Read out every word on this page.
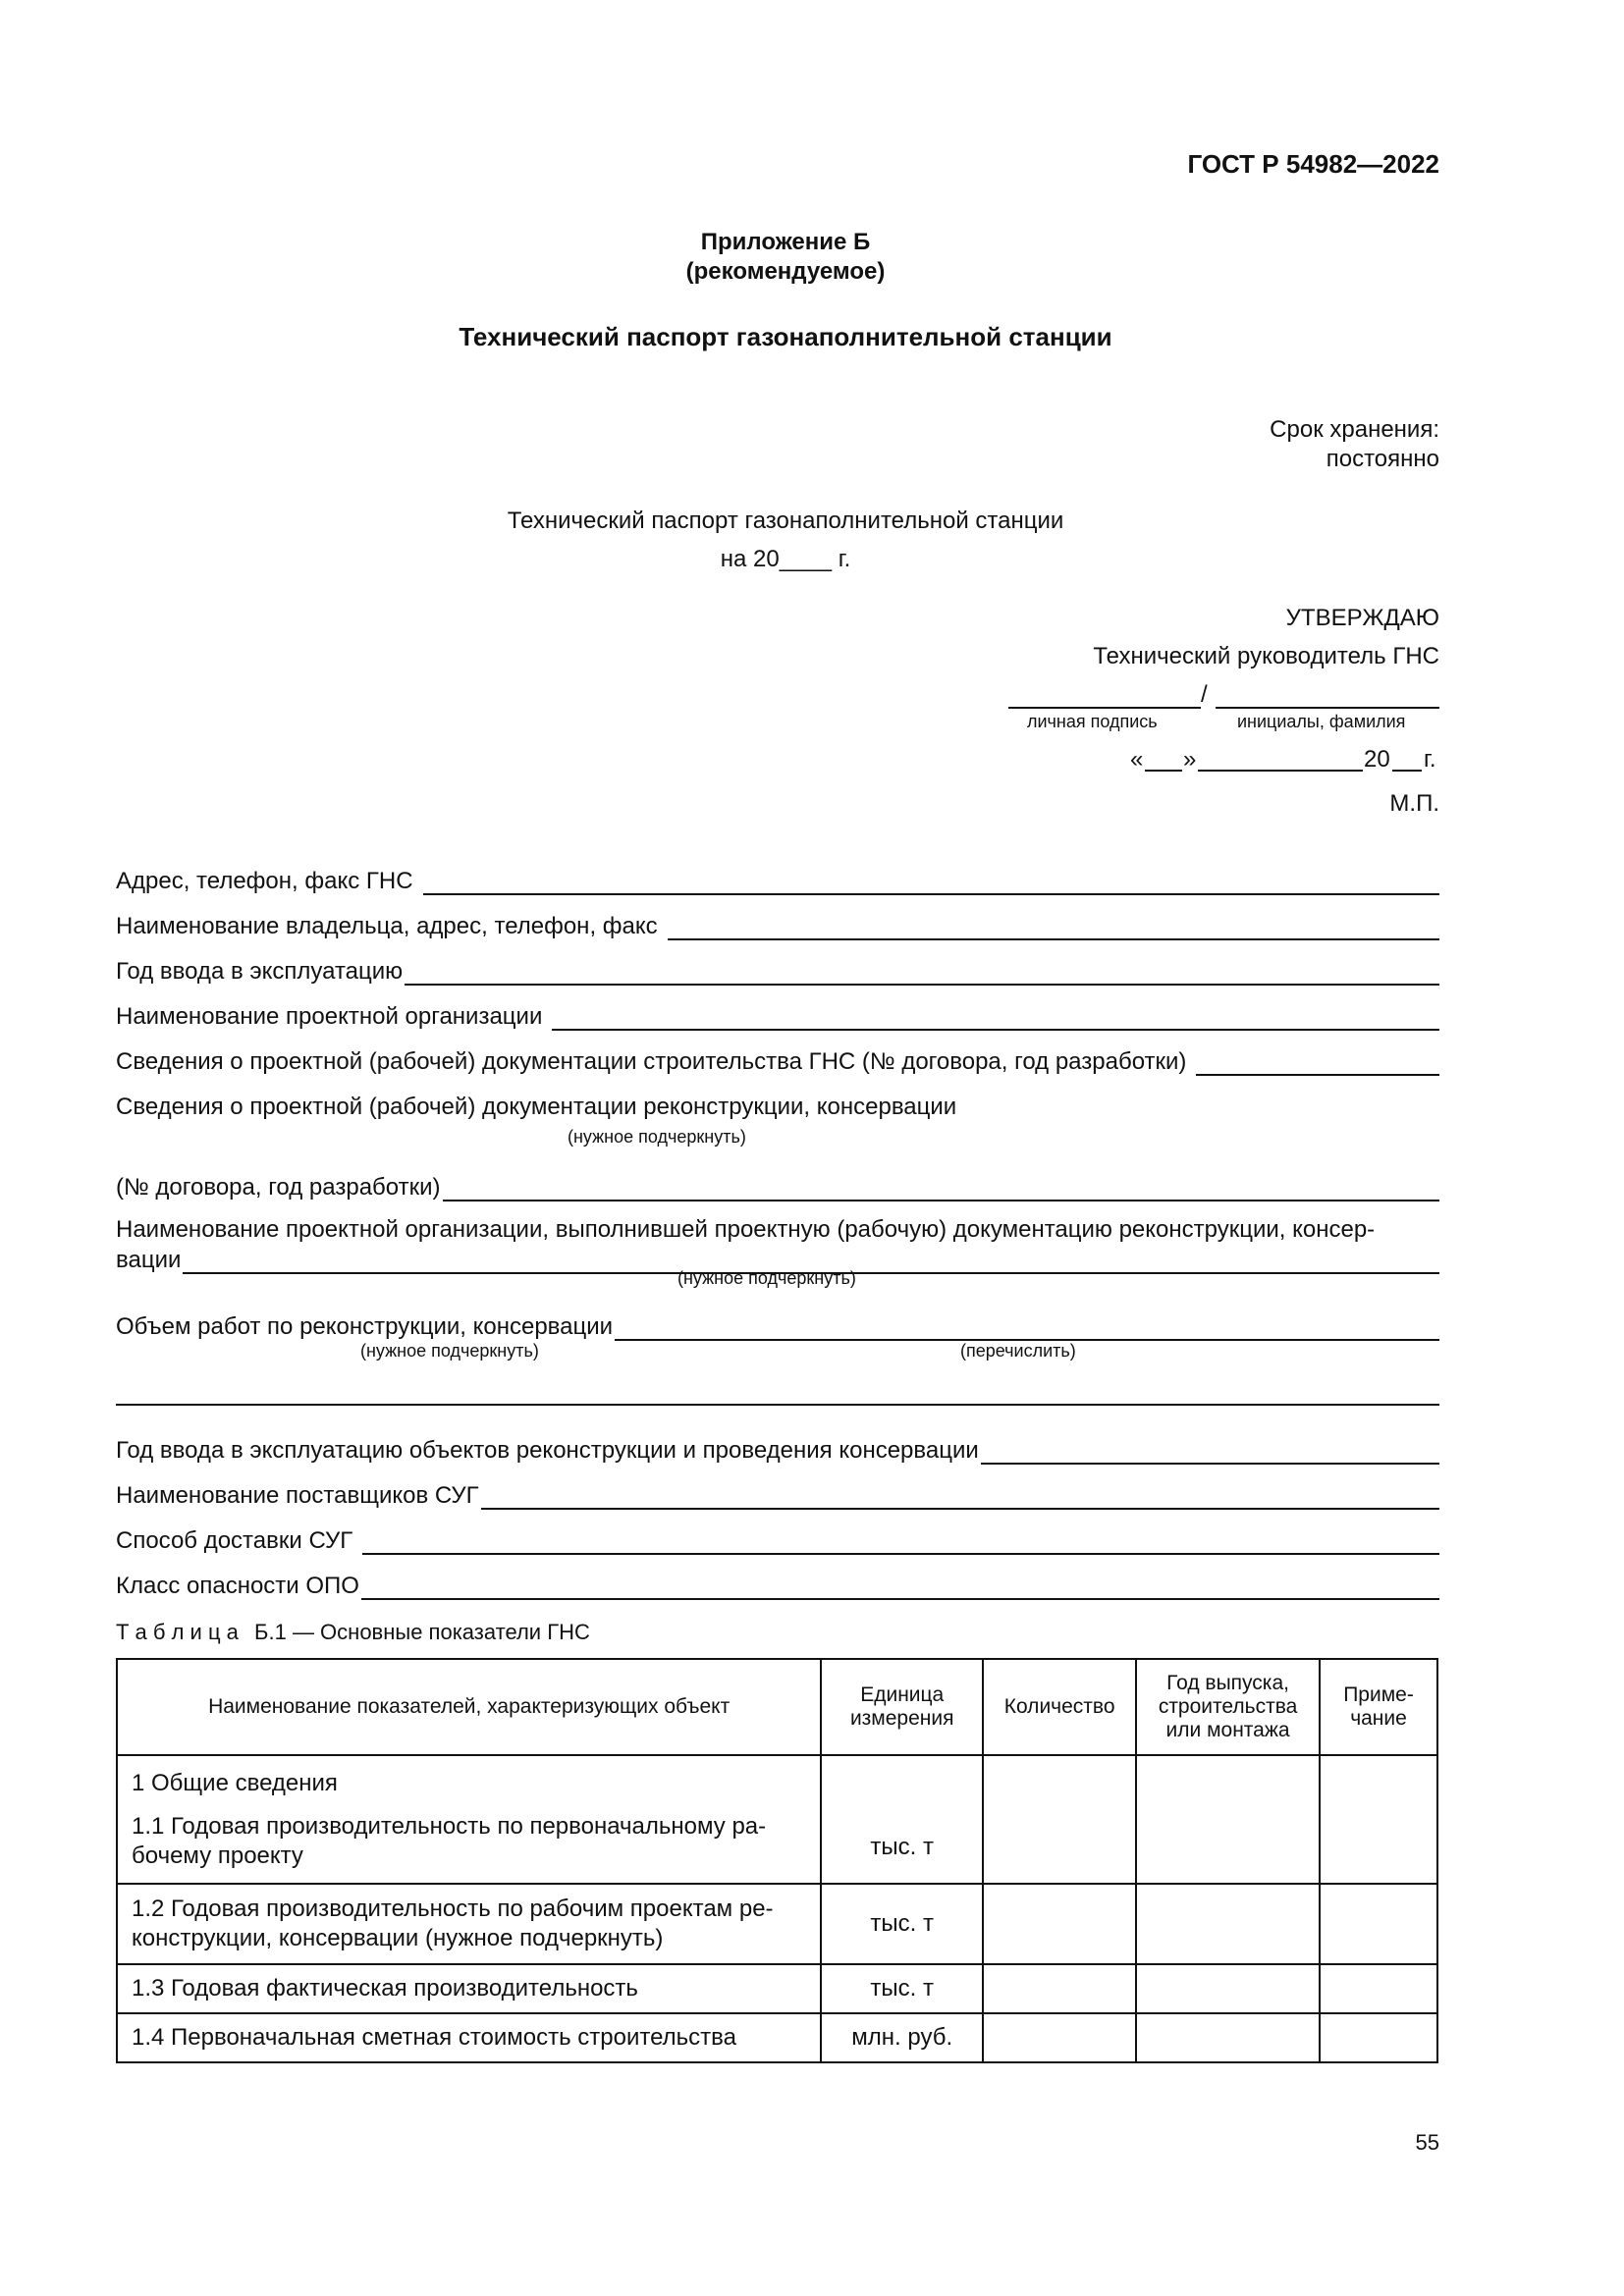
ГОСТ Р 54982—2022
Приложение Б
(рекомендуемое)
Технический паспорт газонаполнительной станции
Срок хранения:
постоянно
Технический паспорт газонаполнительной станции
на 20____ г.
УТВЕРЖДАЮ
Технический руководитель ГНС
/
личная подпись	инициалы, фамилия
« »	20 г.
М.П.
Адрес, телефон, факс ГНС
Наименование владельца, адрес, телефон, факс
Год ввода в эксплуатацию
Наименование проектной организации
Сведения о проектной (рабочей) документации строительства ГНС (№ договора, год разработки)
Сведения о проектной (рабочей) документации реконструкции, консервации
(нужное подчеркнуть)
(№ договора, год разработки)
Наименование проектной организации, выполнившей проектную (рабочую) документацию реконструкции, консер-
вации
(нужное подчеркнуть)
Объем работ по реконструкции, консервации
(нужное подчеркнуть)	(перечислить)
Год ввода в эксплуатацию объектов реконструкции и проведения консервации
Наименование поставщиков СУГ
Способ доставки СУГ
Класс опасности ОПО
Т а б л и ц а Б.1 — Основные показатели ГНС
Наименование показателей, характеризующих объект	Единица измерения	Количество	Год выпуска, строительства или монтажа	Приме- чание

1 Общие сведения
1.1 Годовая производительность по первоначальному ра- бочему проекту	тыс. т			
1.2 Годовая производительность по рабочим проектам ре- конструкции, консервации (нужное подчеркнуть)	тыс. т			
1.3 Годовая фактическая производительность	тыс. т			
1.4 Первоначальная сметная стоимость строительства	млн. руб.			
55
